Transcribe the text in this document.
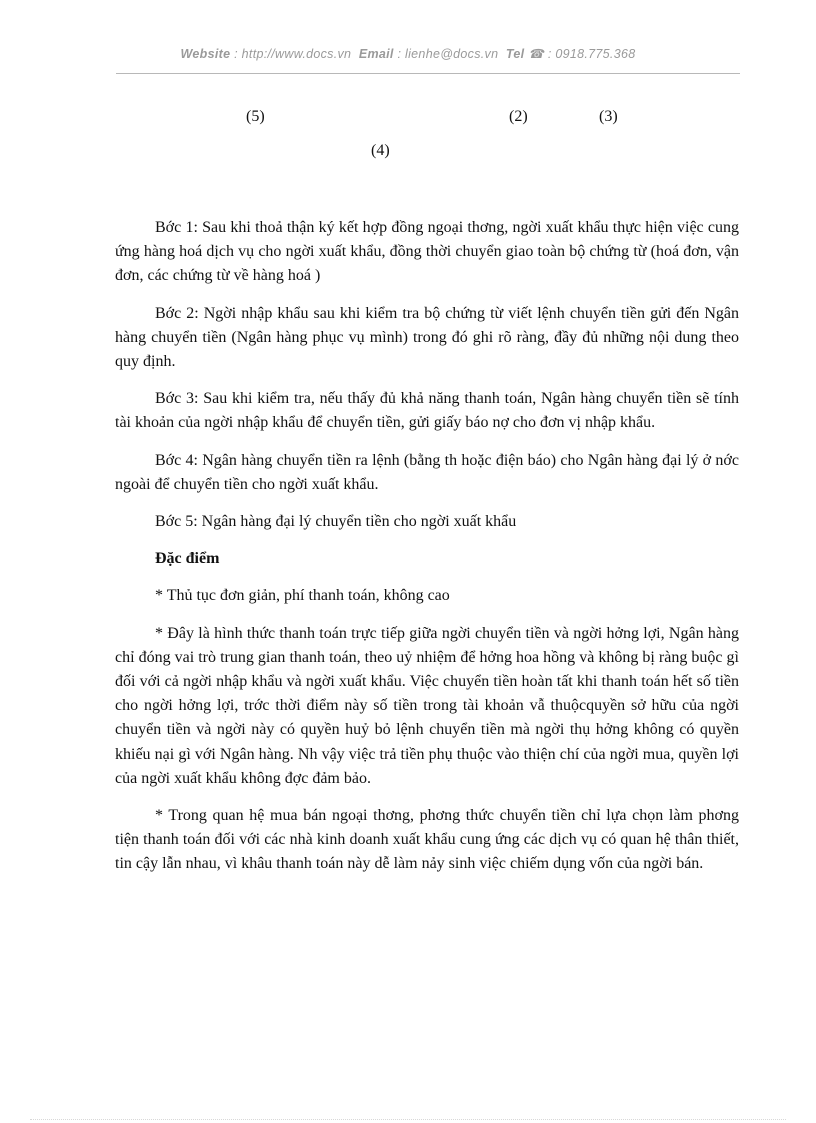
Website : http://www.docs.vn Email : lienhe@docs.vn Tel ☎ : 0918.775.368
(5)	(2)	(3)
(4)

Bớc 1: Sau khi thoả thận ký kết hợp đồng ngoại thơng, ngời xuất khẩu thực hiện việc cung ứng hàng hoá dịch vụ cho ngời xuất khẩu, đồng thời chuyển giao toàn bộ chứng từ (hoá đơn, vận đơn, các chứng từ về hàng hoá )

Bớc 2: Ngời nhập khẩu sau khi kiểm tra bộ chứng từ viết lệnh chuyển tiền gửi đến Ngân hàng chuyển tiền (Ngân hàng phục vụ mình) trong đó ghi rõ ràng, đầy đủ những nội dung theo quy định.

Bớc 3: Sau khi kiểm tra, nếu thấy đủ khả năng thanh toán, Ngân hàng chuyển tiền sẽ tính tài khoản của ngời nhập khẩu để chuyển tiền, gửi giấy báo nợ cho đơn vị nhập khẩu.

Bớc 4: Ngân hàng chuyển tiền ra lệnh (bằng th hoặc điện báo) cho Ngân hàng đại lý ở nớc ngoài để chuyển tiền cho ngời xuất khẩu.

Bớc 5: Ngân hàng đại lý chuyển tiền cho ngời xuất khẩu

Đặc điểm

* Thủ tục đơn giản, phí thanh toán, không cao

* Đây là hình thức thanh toán trực tiếp giữa ngời chuyển tiền và ngời hởng lợi, Ngân hàng chỉ đóng vai trò trung gian thanh toán, theo uỷ nhiệm để hởng hoa hồng và không bị ràng buộc gì đối với cả ngời nhập khẩu và ngời xuất khẩu. Việc chuyển tiền hoàn tất khi thanh toán hết số tiền cho ngời hởng lợi, trớc thời điểm này số tiền trong tài khoản vẫ thuộcquyền sở hữu của ngời chuyển tiền và ngời này có quyền huỷ bỏ lệnh chuyển tiền mà ngời thụ hởng không có quyền khiếu nại gì với Ngân hàng. Nh vậy việc trả tiền phụ thuộc vào thiện chí của ngời mua, quyền lợi của ngời xuất khẩu không đợc đảm bảo.

* Trong quan hệ mua bán ngoại thơng, phơng thức chuyển tiền chỉ lựa chọn làm phơng tiện thanh toán đối với các nhà kinh doanh xuất khẩu cung ứng các dịch vụ có quan hệ thân thiết, tin cậy lẫn nhau, vì khâu thanh toán này dễ làm nảy sinh việc chiếm dụng vốn của ngời bán.
